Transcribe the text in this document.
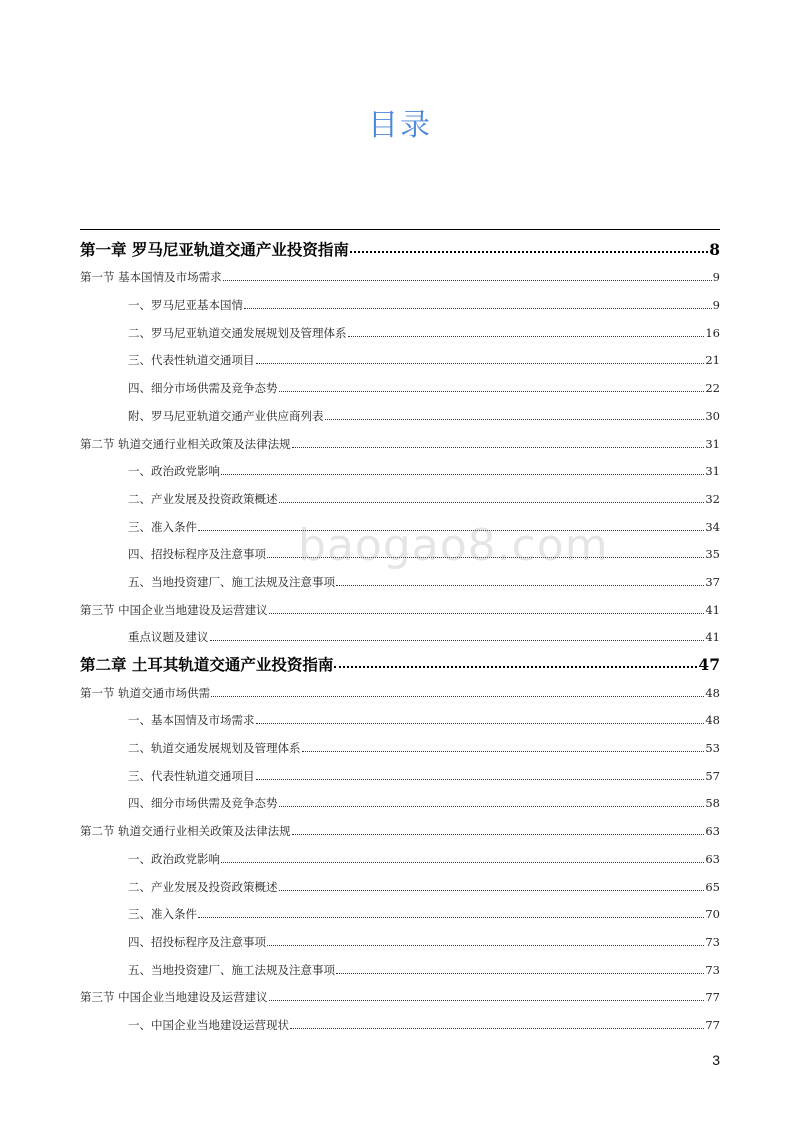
目录
第一章 罗马尼亚轨道交通产业投资指南	8
第一节 基本国情及市场需求	9
一、罗马尼亚基本国情	9
二、罗马尼亚轨道交通发展规划及管理体系	16
三、代表性轨道交通项目	21
四、细分市场供需及竞争态势	22
附、罗马尼亚轨道交通产业供应商列表	30
第二节 轨道交通行业相关政策及法律法规	31
一、政治政党影响	31
二、产业发展及投资政策概述	32
三、准入条件	34
四、招投标程序及注意事项	35
五、当地投资建厂、施工法规及注意事项	37
第三节 中国企业当地建设及运营建议	41
重点议题及建议	41
第二章 土耳其轨道交通产业投资指南	47
第一节 轨道交通市场供需	48
一、基本国情及市场需求	48
二、轨道交通发展规划及管理体系	53
三、代表性轨道交通项目	57
四、细分市场供需及竞争态势	58
第二节 轨道交通行业相关政策及法律法规	63
一、政治政党影响	63
二、产业发展及投资政策概述	65
三、准入条件	70
四、招投标程序及注意事项	73
五、当地投资建厂、施工法规及注意事项	73
第三节 中国企业当地建设及运营建议	77
一、中国企业当地建设运营现状	77
baogao8.com
3
